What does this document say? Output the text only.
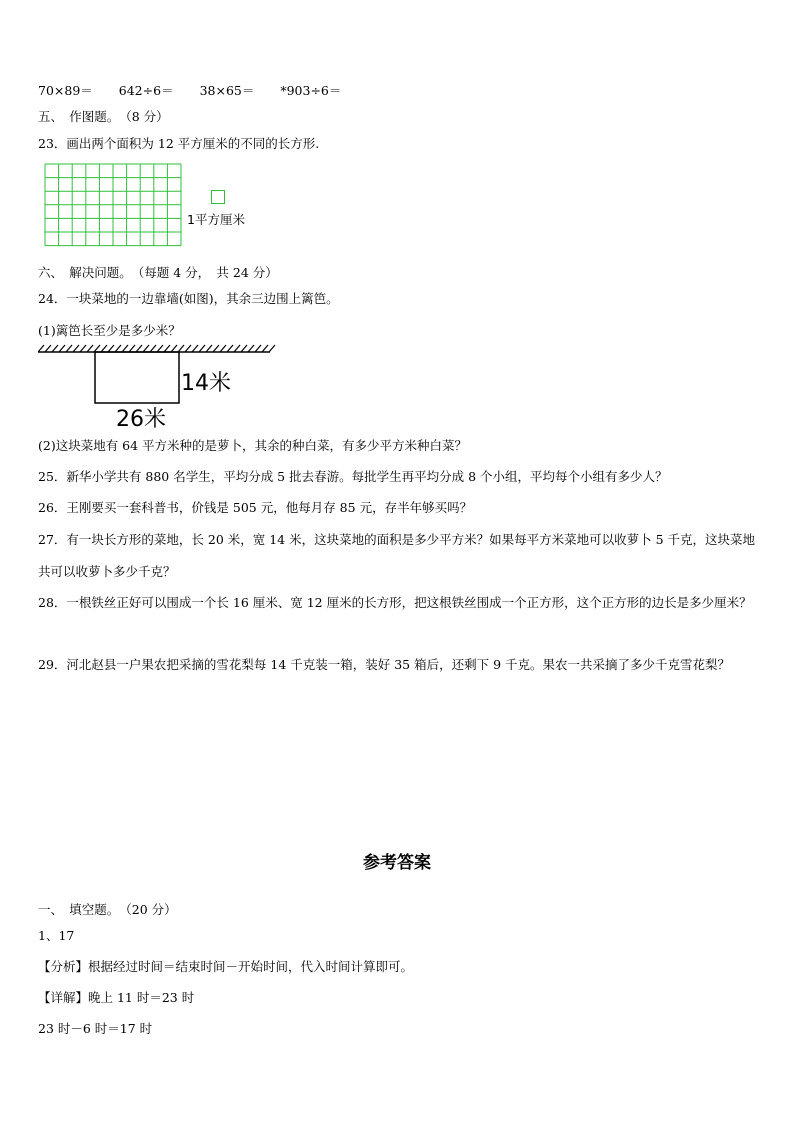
70×89＝ 642÷6＝ 38×65＝ *903÷6＝
五、　作图题。　（8 分）
23．画出两个面积为 12 平方厘米的不同的长方形.
1平方厘米
六、　解决问题。　（每题 4 分，　共 24 分）
24．一块菜地的一边靠墙(如图)，其余三边围上篱笆。
(1)篱笆长至少是多少米？
14米
26米
(2)这块菜地有 64 平方米种的是萝卜，其余的种白菜，有多少平方米种白菜？
25．新华小学共有 880 名学生，平均分成 5 批去春游。每批学生再平均分成 8 个小组，平均每个小组有多少人？
26．王刚要买一套科普书，价钱是 505 元，他每月存 85 元，存半年够买吗？
27．有一块长方形的菜地，长 20 米，宽 14 米，这块菜地的面积是多少平方米？如果每平方米菜地可以收萝卜 5 千克，这块菜地共可以收萝卜多少千克？
28．一根铁丝正好可以围成一个长 16 厘米、宽 12 厘米的长方形，把这根铁丝围成一个正方形，这个正方形的边长是多少厘米？
29．河北赵县一户果农把采摘的雪花梨每 14 千克装一箱，装好 35 箱后，还剩下 9 千克。果农一共采摘了多少千克雪花梨？
参考答案
一、　填空题。　（20 分）
1、17
【分析】根据经过时间＝结束时间－开始时间，代入时间计算即可。
【详解】晚上 11 时＝23 时
23 时－6 时＝17 时
